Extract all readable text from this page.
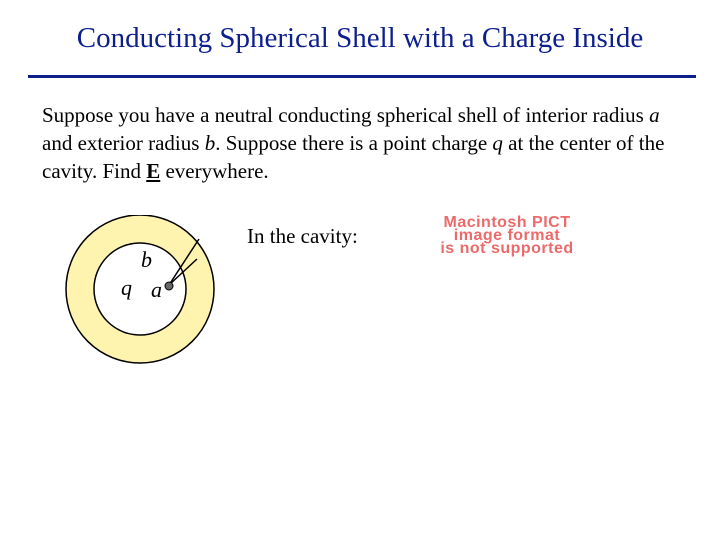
Conducting Spherical Shell with a Charge Inside
Suppose you have a neutral conducting spherical shell of interior radius a and exterior radius b. Suppose there is a point charge q at the center of the cavity. Find E everywhere.
b
q a
In the cavity:
Macintosh PICT
image format
is not supported
